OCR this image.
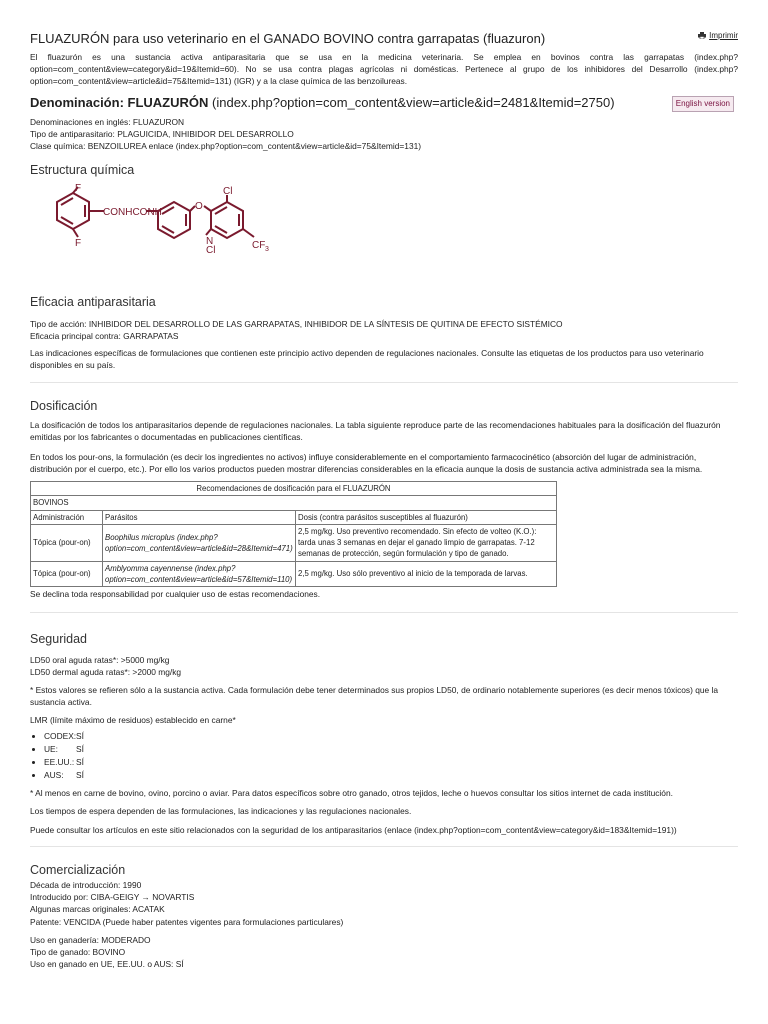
FLUAZURÓN para uso veterinario en el GANADO BOVINO contra garrapatas (fluazuron)	Imprimir

El fluazurón es una sustancia activa antiparasitaria que se usa en la medicina veterinaria. Se emplea en bovinos contra las garrapatas (index.php?option=com_content&view=category&id=19&Itemid=60). No se usa contra plagas agrícolas ni domésticas. Pertenece al grupo de los inhibidores del Desarrollo (index.php?option=com_content&view=article&id=75&Itemid=131) (IGR) y a la clase química de las benzoilureas.

Denominación: FLUAZURÓN (index.php?option=com_content&view=article&id=2481&Itemid=2750)	English version

Denominaciones en inglés: FLUAZURON

Tipo de antiparasitario: PLAGUICIDA, INHIBIDOR DEL DESARROLLO

Clase química: BENZOILUREA enlace (index.php?option=com_content&view=article&id=75&Itemid=131)

Estructura química
F
F
CONHCONH
O
Cl
N
Cl	CF 3
Eficacia antiparasitaria

Tipo de acción: INHIBIDOR DEL DESARROLLO DE LAS GARRAPATAS, INHIBIDOR DE LA SÍNTESIS DE QUITINA DE EFECTO SISTÉMICO

Eficacia principal contra: GARRAPATAS

Las indicaciones específicas de formulaciones que contienen este principio activo dependen de regulaciones nacionales. Consulte las etiquetas de los productos para uso veterinario disponibles en su país.

Dosificación

La dosificación de todos los antiparasitarios depende de regulaciones nacionales. La tabla siguiente reproduce parte de las recomendaciones habituales para la dosificación del fluazurón emitidas por los fabricantes o documentadas en publicaciones científicas.

En todos los pour-ons, la formulación (es decir los ingredientes no activos) influye considerablemente en el comportamiento farmacocinético (absorción del lugar de administración, distribución por el cuerpo, etc.). Por ello los varios productos pueden mostrar diferencias considerables en la eficacia aunque la dosis de sustancia activa administrada sea la misma.

Recomendaciones de dosificación para el FLUAZURÓN		
BOVINOS		
Administración	Parásitos	Dosis (contra parásitos susceptibles al fluazurón)
Tópica (pour-on)	Boophilus microplus (index.php?option=com_content&view=article&id=28&Itemid=471)	2,5 mg/kg. Uso preventivo recomendado. Sin efecto de volteo (K.O.): tarda unas 3 semanas en dejar el ganado limpio de garrapatas. 7-12 semanas de protección, según formulación y tipo de ganado.
Tópica (pour-on)	Amblyomma cayennense (index.php?option=com_content&view=article&id=57&Itemid=110)	2,5 mg/kg. Uso sólo preventivo al inicio de la temporada de larvas.

Se declina toda responsabilidad por cualquier uso de estas recomendaciones.

Seguridad

LD50 oral aguda ratas*: >5000 mg/kg

LD50 dermal aguda ratas*: >2000 mg/kg

* Estos valores se refieren sólo a la sustancia activa. Cada formulación debe tener determinados sus propios LD50, de ordinario notablemente superiores (es decir menos tóxicos) que la sustancia activa.

LMR (límite máximo de residuos) establecido en carne*

• CODEX:SÍ
• UE: SÍ
• EE.UU.: SÍ
• AUS: SÍ

* Al menos en carne de bovino, ovino, porcino o aviar. Para datos específicos sobre otro ganado, otros tejidos, leche o huevos consultar los sitios internet de cada institución.

Los tiempos de espera dependen de las formulaciones, las indicaciones y las regulaciones nacionales.

Puede consultar los artículos en este sitio relacionados con la seguridad de los antiparasitarios (enlace (index.php?option=com_content&view=category&id=183&Itemid=191))

Comercialización

Década de introducción: 1990

Introducido por: CIBA-GEIGY → NOVARTIS

Algunas marcas originales: ACATAK

Patente: VENCIDA (Puede haber patentes vigentes para formulaciones particulares)

Uso en ganadería: MODERADO

Tipo de ganado: BOVINO

Uso en ganado en UE, EE.UU. o AUS: SÍ
